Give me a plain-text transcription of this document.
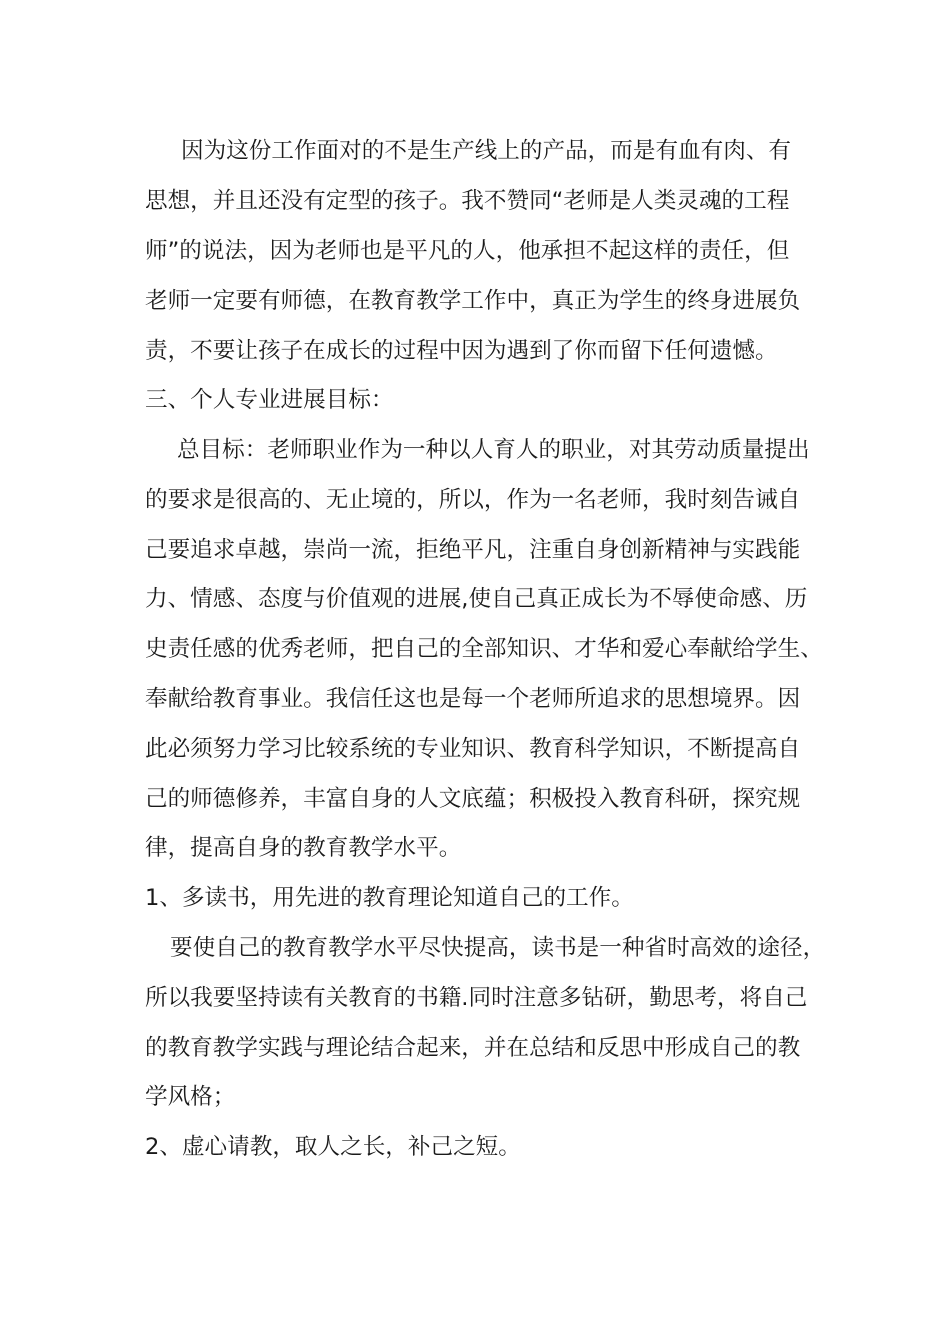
因为这份工作面对的不是生产线上的产品，而是有血有肉、有
思想，并且还没有定型的孩子。我不赞同“老师是人类灵魂的工程
师”的说法，因为老师也是平凡的人，他承担不起这样的责任，但
老师一定要有师德，在教育教学工作中，真正为学生的终身进展负
责，不要让孩子在成长的过程中因为遇到了你而留下任何遗憾。
三、个人专业进展目标：
总目标：老师职业作为一种以人育人的职业，对其劳动质量提出
的要求是很高的、无止境的，所以，作为一名老师，我时刻告诫自
己要追求卓越，崇尚一流，拒绝平凡，注重自身创新精神与实践能
力、情感、态度与价值观的进展,使自己真正成长为不辱使命感、历
史责任感的优秀老师，把自己的全部知识、才华和爱心奉献给学生、
奉献给教育事业。我信任这也是每一个老师所追求的思想境界。因
此必须努力学习比较系统的专业知识、教育科学知识，不断提高自
己的师德修养，丰富自身的人文底蕴；积极投入教育科研，探究规
律，提高自身的教育教学水平。
1、多读书，用先进的教育理论知道自己的工作。
要使自己的教育教学水平尽快提高，读书是一种省时高效的途径，
所以我要坚持读有关教育的书籍.同时注意多钻研，勤思考，将自己
的教育教学实践与理论结合起来，并在总结和反思中形成自己的教
学风格；
2、虚心请教，取人之长，补己之短。
